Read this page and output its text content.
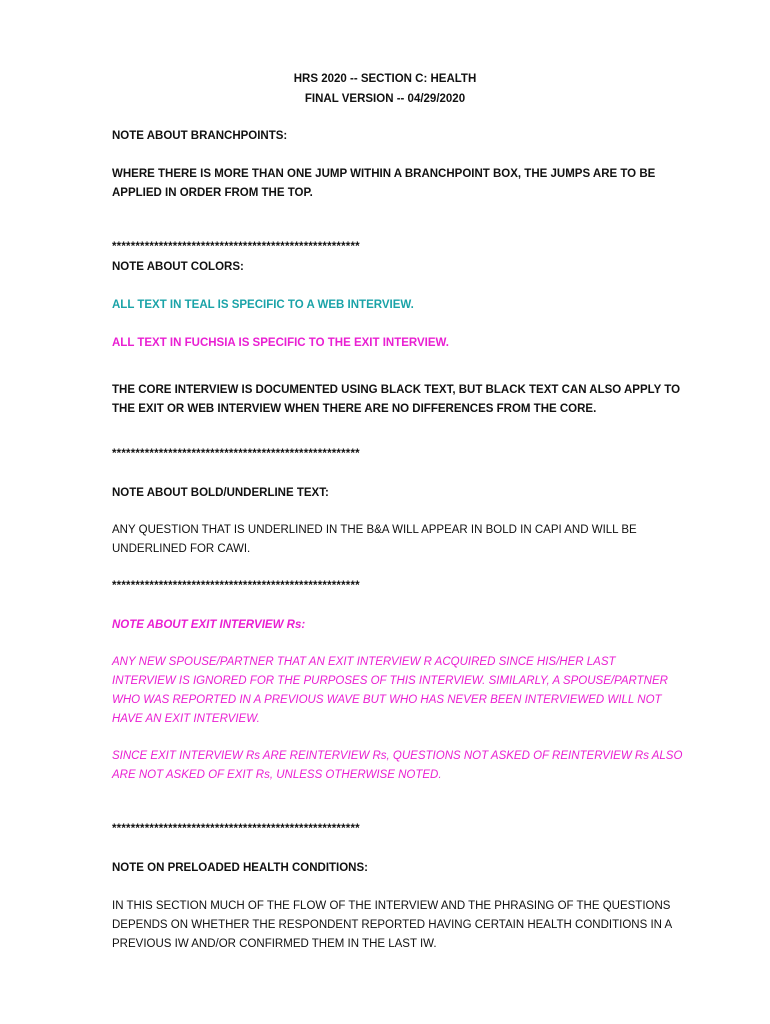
HRS 2020 -- SECTION C: HEALTH
FINAL VERSION -- 04/29/2020
NOTE ABOUT BRANCHPOINTS:
WHERE THERE IS MORE THAN ONE JUMP WITHIN A BRANCHPOINT BOX, THE JUMPS ARE TO BE
APPLIED IN ORDER FROM THE TOP.
*****************************************************
NOTE ABOUT COLORS:
ALL TEXT IN TEAL IS SPECIFIC TO A WEB INTERVIEW.
ALL TEXT IN FUCHSIA IS SPECIFIC TO THE EXIT INTERVIEW.
THE CORE INTERVIEW IS DOCUMENTED USING BLACK TEXT, BUT BLACK TEXT CAN ALSO APPLY TO
THE EXIT OR WEB INTERVIEW WHEN THERE ARE NO DIFFERENCES FROM THE CORE.
*****************************************************
NOTE ABOUT BOLD/UNDERLINE TEXT:
ANY QUESTION THAT IS UNDERLINED IN THE B&A WILL APPEAR IN BOLD IN CAPI AND WILL BE
UNDERLINED FOR CAWI.
*****************************************************
NOTE ABOUT EXIT INTERVIEW Rs:
ANY NEW SPOUSE/PARTNER THAT AN EXIT INTERVIEW R ACQUIRED SINCE HIS/HER LAST
INTERVIEW IS IGNORED FOR THE PURPOSES OF THIS INTERVIEW. SIMILARLY, A SPOUSE/PARTNER
WHO WAS REPORTED IN A PREVIOUS WAVE BUT WHO HAS NEVER BEEN INTERVIEWED WILL NOT
HAVE AN EXIT INTERVIEW.
SINCE EXIT INTERVIEW Rs ARE REINTERVIEW Rs, QUESTIONS NOT ASKED OF REINTERVIEW Rs ALSO
ARE NOT ASKED OF EXIT Rs, UNLESS OTHERWISE NOTED.
*****************************************************
NOTE ON PRELOADED HEALTH CONDITIONS:
IN THIS SECTION MUCH OF THE FLOW OF THE INTERVIEW AND THE PHRASING OF THE QUESTIONS
DEPENDS ON WHETHER THE RESPONDENT REPORTED HAVING CERTAIN HEALTH CONDITIONS IN A
PREVIOUS IW AND/OR CONFIRMED THEM IN THE LAST IW.
